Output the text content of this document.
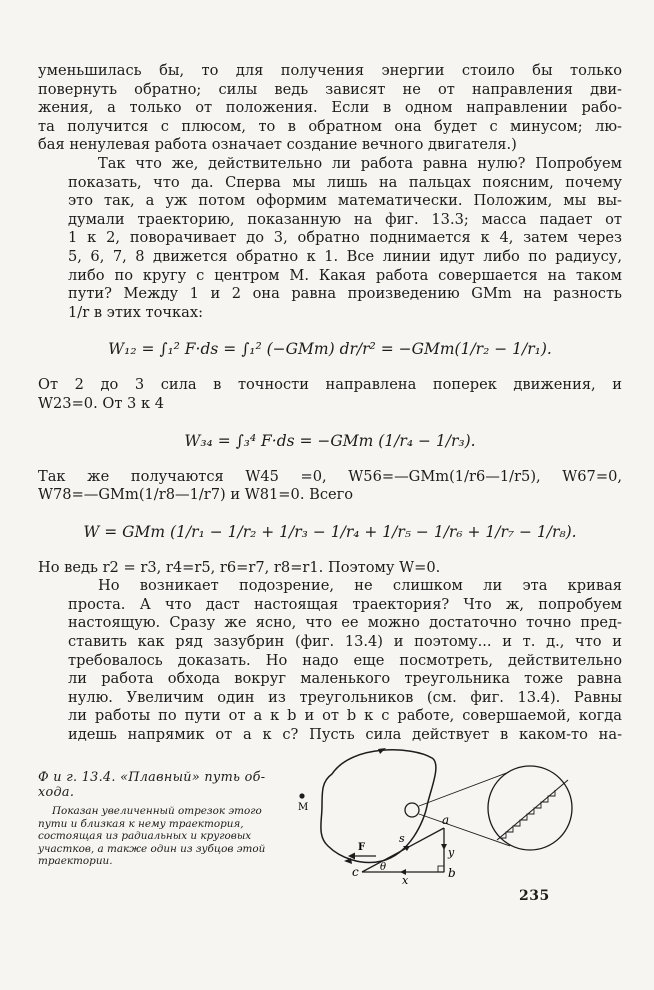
уменьшилась бы, то для получения энергии стоило бы только
повернуть обратно; силы ведь зависят не от направления дви-
жения, а только от положения. Если в одном направлении рабо-
та получится с плюсом, то в обратном она будет с минусом; лю-
бая ненулевая работа означает создание вечного двигателя.)

Так что же, действительно ли работа равна нулю? Попробуем
показать, что да. Сперва мы лишь на пальцах поясним, почему
это так, а уж потом оформим математически. Положим, мы вы-
думали траекторию, показанную на фиг. 13.3; масса падает от
1 к 2, поворачивает до 3, обратно поднимается к 4, затем через
5, 6, 7, 8 движется обратно к 1. Все линии идут либо по радиусу,
либо по кругу с центром M. Какая работа совершается на таком
пути? Между 1 и 2 она равна произведению GMm на разность
1/r в этих точках:

W₁₂ = ∫₁² F·ds = ∫₁² (−GMm) dr/r² = −GMm(1/r₂ − 1/r₁).

От 2 до 3 сила в точности направлена поперек движения, и
W23=0. От 3 к 4

W₃₄ = ∫₃⁴ F·ds = −GMm (1/r₄ − 1/r₃).

Так же получаются W45 =0, W56=—GMm(1/r6—1/r5), W67=0,
W78=—GMm(1/r8—1/r7) и W81=0. Всего

W = GMm (1/r₁ − 1/r₂ + 1/r₃ − 1/r₄ + 1/r₅ − 1/r₆ + 1/r₇ − 1/r₈).

Но ведь r2 = r3, r4=r5, r6=r7, r8=r1. Поэтому W=0.

Но возникает подозрение, не слишком ли эта кривая
проста. А что даст настоящая траектория? Что ж, попробуем
настоящую. Сразу же ясно, что ее можно достаточно точно пред-
ставить как ряд зазубрин (фиг. 13.4) и поэтому... и т. д., что и
требовалось доказать. Но надо еще посмотреть, действительно
ли работа обхода вокруг маленького треугольника тоже равна
нулю. Увеличим один из треугольников (см. фиг. 13.4). Равны
ли работы по пути от a к b и от b к c работе, совершаемой, когда
идешь напрямик от a к c? Пусть сила действует в каком-то на-

Ф и г. 13.4. «Плавный» путь об-хода.
Показан увеличенный отрезок этого пути и близкая к нему траектория, состоящая из радиальных и круговых участков, а также один из зубцов этой траектории.
M
F
s
a
b
c
x
y
θ
235
